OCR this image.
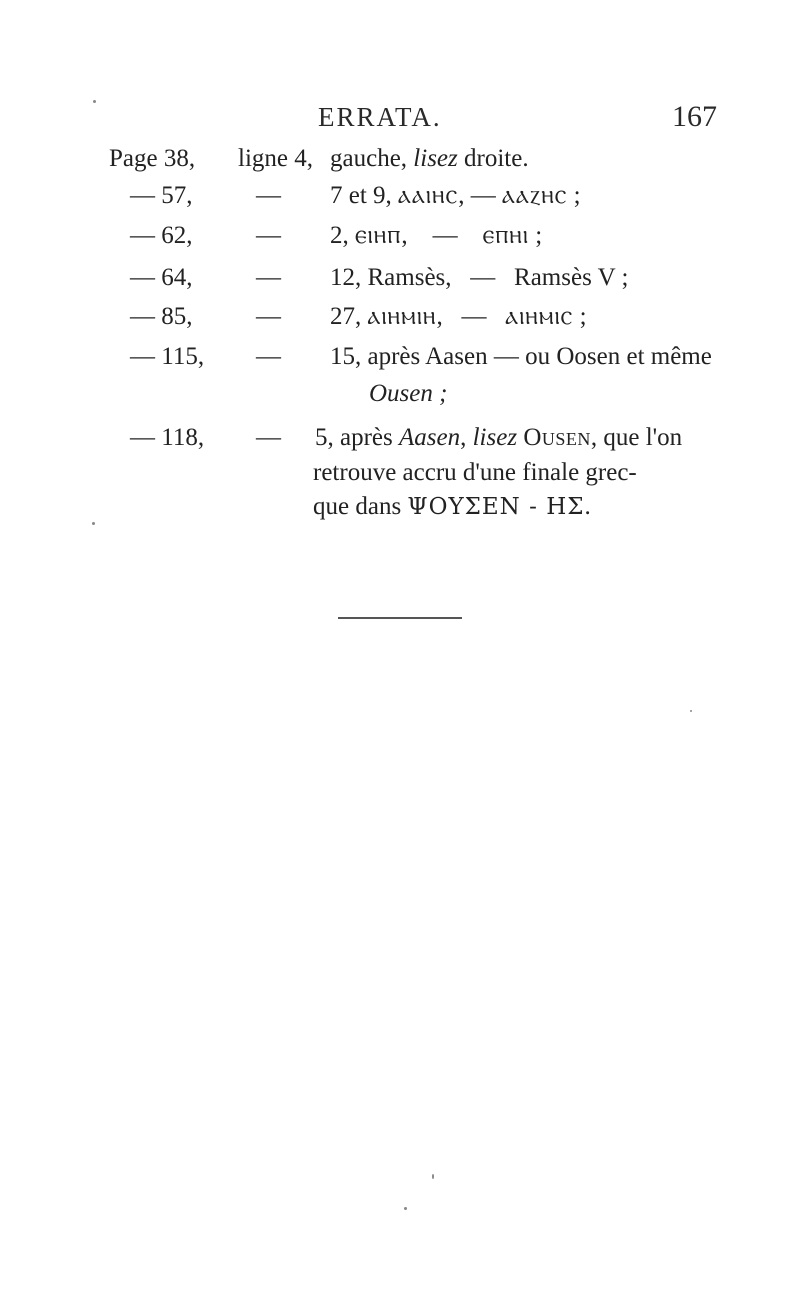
ERRATA.	167
Page 38, ligne 4, gauche, lisez droite.
— 57,	— 7 et 9, ⲀⲀⲒⲎⲤ, — ⲀⲀⲌⲎⲤ ;
— 62,	— 2, ⲈⲒⲎⲠ,    —    ⲈⲠⲎⲒ ;
— 64,	— 12, Ramsès,   —   Ramsès V ;
— 85,	— 27, ⲀⲒⲎⲘⲒⲎ,   —   ⲀⲒⲎⲘⲒⲤ ;
— 115, — 15, après Aasen — ou Oosen et même
Ousen ;
— 118, — 5, après Aasen, lisez Ousen, que l'on
retrouve accru d'une finale grec-
que dans ΨΟΥΣΕΝ - ΗΣ.
